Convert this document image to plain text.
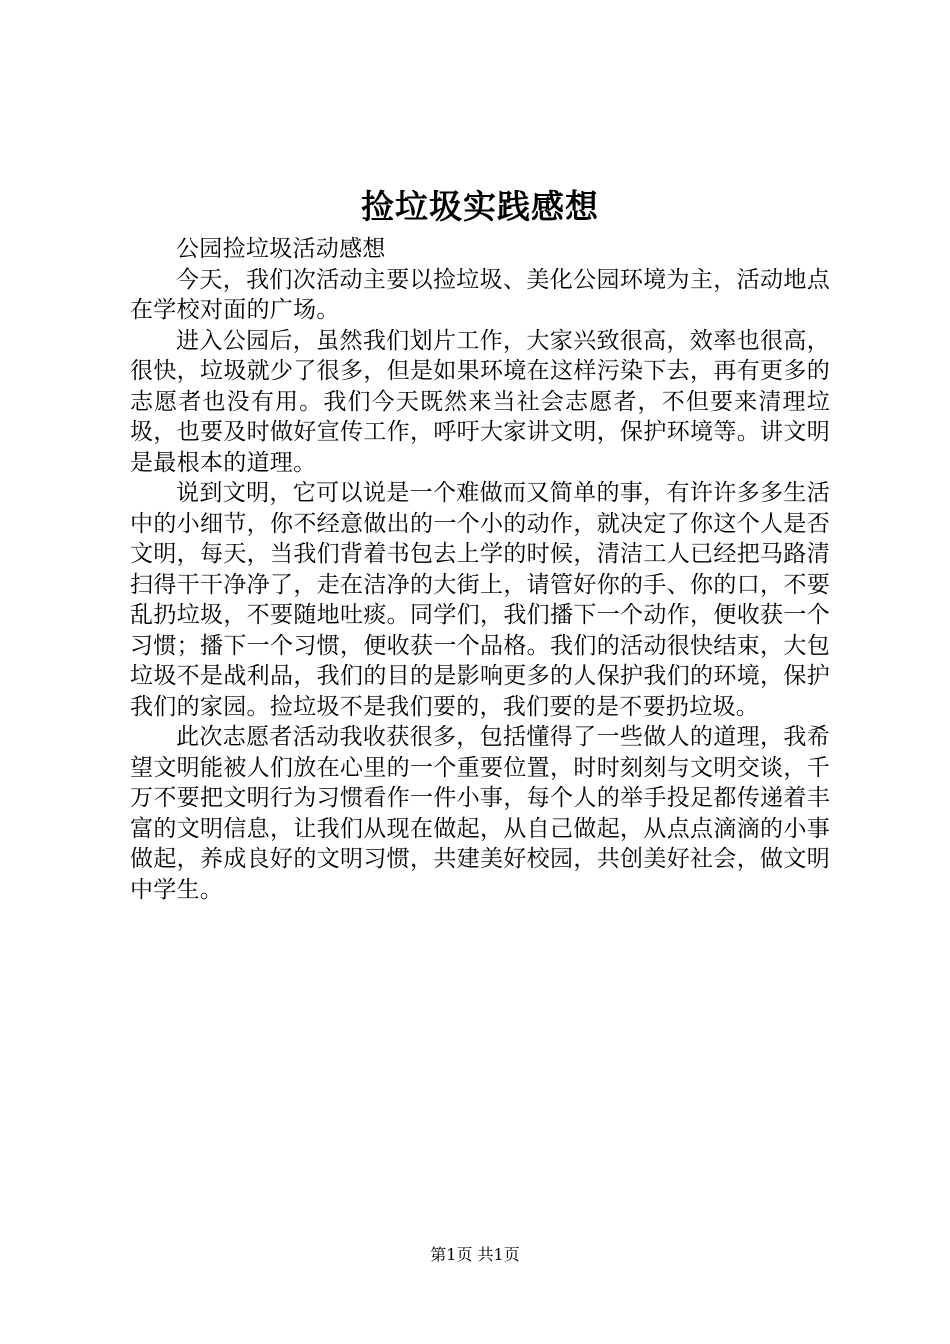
捡垃圾实践感想

公园捡垃圾活动感想

今天，我们次活动主要以捡垃圾、美化公园环境为主，活动地点在学校对面的广场。

进入公园后，虽然我们划片工作，大家兴致很高，效率也很高，很快，垃圾就少了很多，但是如果环境在这样污染下去，再有更多的志愿者也没有用。我们今天既然来当社会志愿者，不但要来清理垃圾，也要及时做好宣传工作，呼吁大家讲文明，保护环境等。讲文明是最根本的道理。

说到文明，它可以说是一个难做而又简单的事，有许许多多生活中的小细节，你不经意做出的一个小的动作，就决定了你这个人是否文明，每天，当我们背着书包去上学的时候，清洁工人已经把马路清扫得干干净净了，走在洁净的大街上，请管好你的手、你的口，不要乱扔垃圾，不要随地吐痰。同学们，我们播下一个动作，便收获一个习惯；播下一个习惯，便收获一个品格。我们的活动很快结束，大包垃圾不是战利品，我们的目的是影响更多的人保护我们的环境，保护我们的家园。捡垃圾不是我们要的，我们要的是不要扔垃圾。

此次志愿者活动我收获很多，包括懂得了一些做人的道理，我希望文明能被人们放在心里的一个重要位置，时时刻刻与文明交谈，千万不要把文明行为习惯看作一件小事，每个人的举手投足都传递着丰富的文明信息，让我们从现在做起，从自己做起，从点点滴滴的小事做起，养成良好的文明习惯，共建美好校园，共创美好社会，做文明中学生。

第1页 共1页
